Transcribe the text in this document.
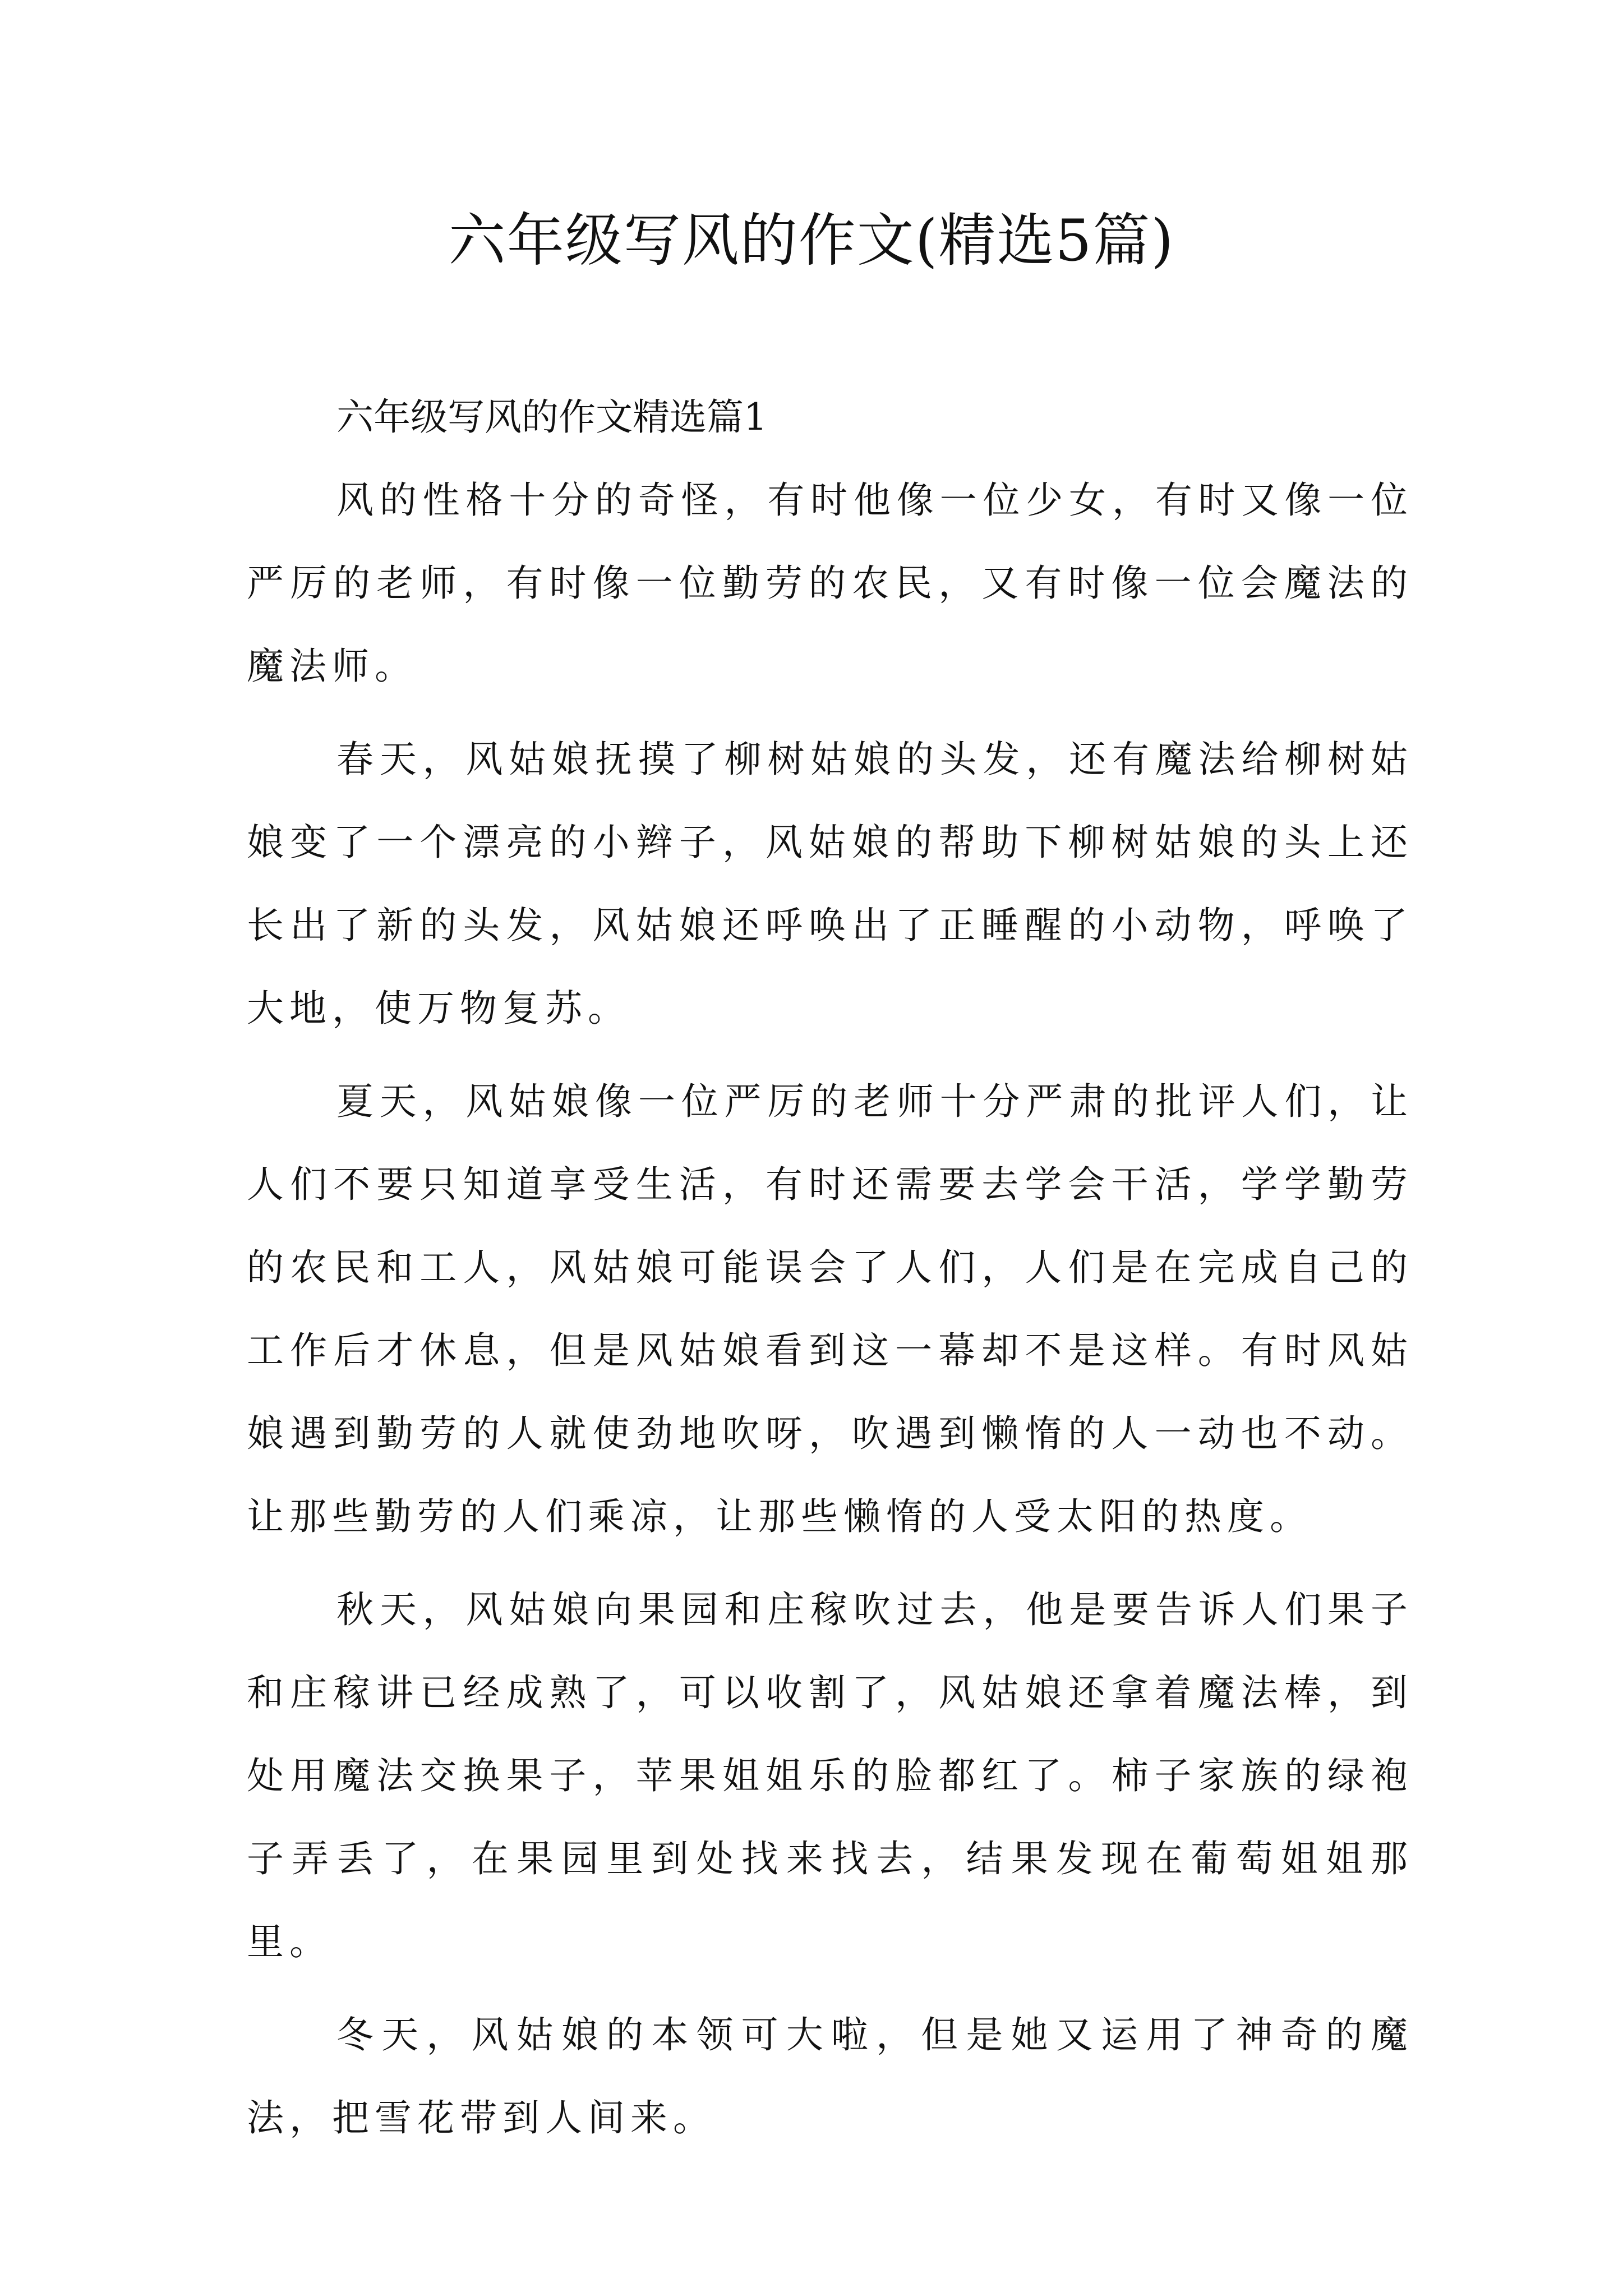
六年级写风的作文(精选5篇)

六年级写风的作文精选篇1

风的性格十分的奇怪，有时他像一位少女，有时又像一位严厉的老师，有时像一位勤劳的农民，又有时像一位会魔法的魔法师。

春天，风姑娘抚摸了柳树姑娘的头发，还有魔法给柳树姑娘变了一个漂亮的小辫子，风姑娘的帮助下柳树姑娘的头上还长出了新的头发，风姑娘还呼唤出了正睡醒的小动物，呼唤了大地，使万物复苏。

夏天，风姑娘像一位严厉的老师十分严肃的批评人们，让人们不要只知道享受生活，有时还需要去学会干活，学学勤劳的农民和工人，风姑娘可能误会了人们，人们是在完成自己的工作后才休息，但是风姑娘看到这一幕却不是这样。有时风姑娘遇到勤劳的人就使劲地吹呀，吹遇到懒惰的人一动也不动。让那些勤劳的人们乘凉，让那些懒惰的人受太阳的热度。

秋天，风姑娘向果园和庄稼吹过去，他是要告诉人们果子和庄稼讲已经成熟了，可以收割了，风姑娘还拿着魔法棒，到处用魔法交换果子，苹果姐姐乐的脸都红了。柿子家族的绿袍子弄丢了，在果园里到处找来找去，结果发现在葡萄姐姐那里。

冬天，风姑娘的本领可大啦，但是她又运用了神奇的魔法，把雪花带到人间来。
